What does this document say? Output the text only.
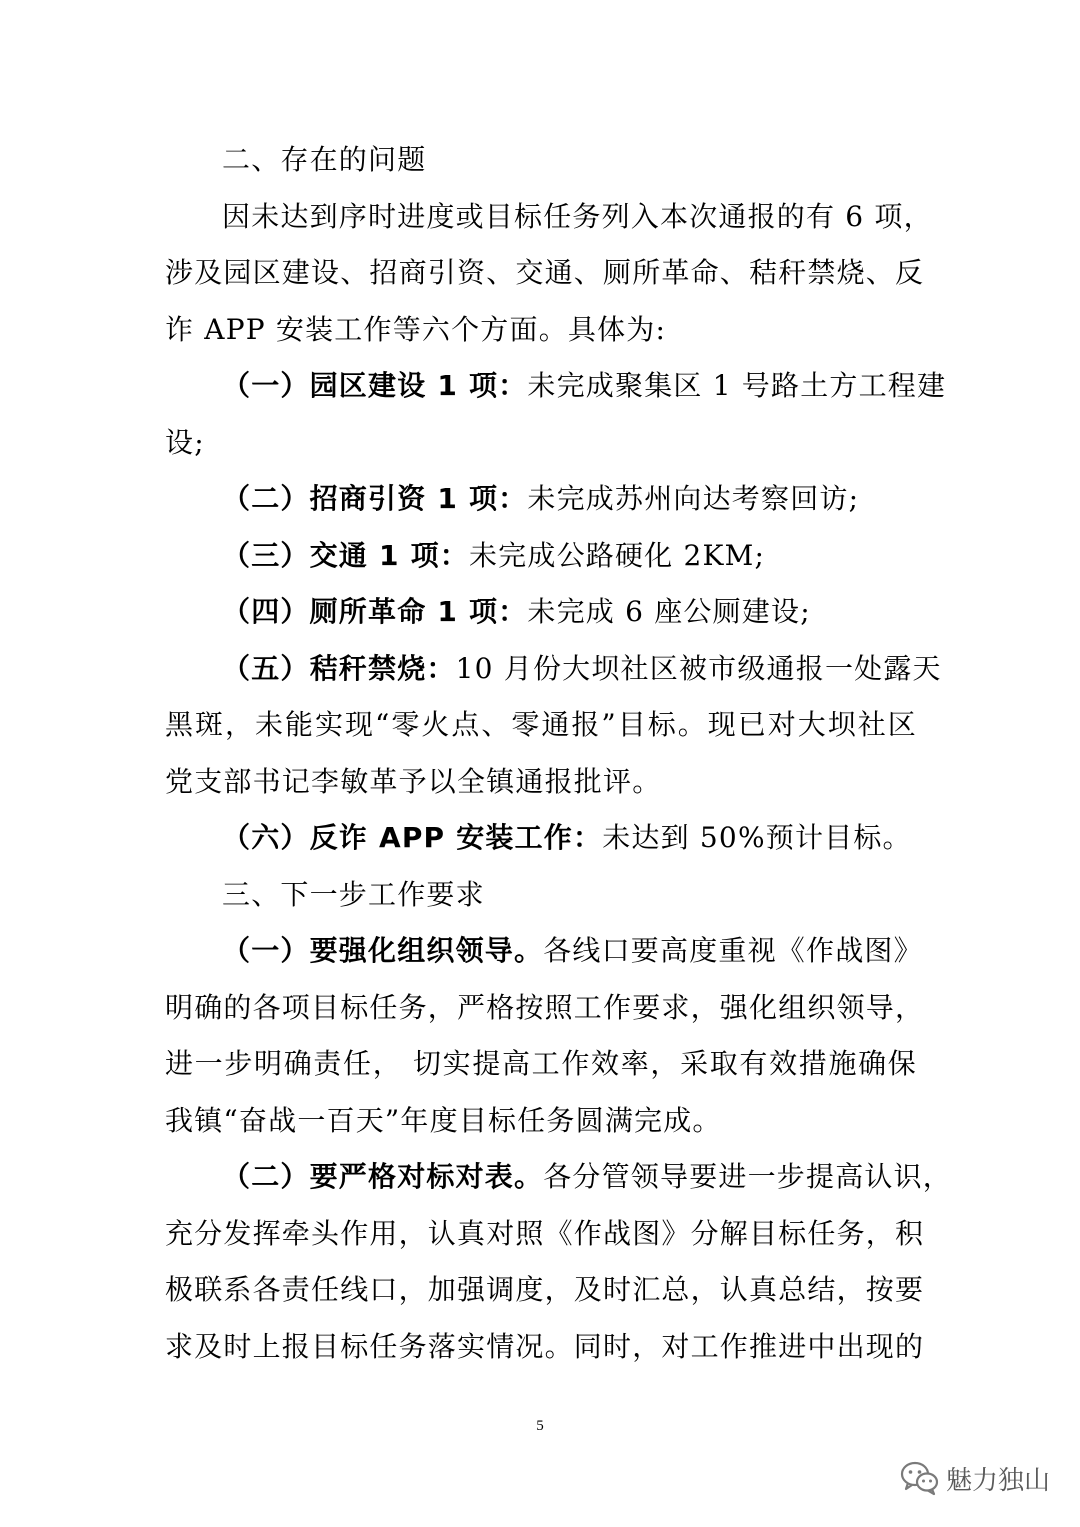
二、存在的问题
因未达到序时进度或目标任务列入本次通报的有 6 项，
涉及园区建设、招商引资、交通、厕所革命、秸秆禁烧、反
诈 APP 安装工作等六个方面。具体为:
（一）园区建设 1 项：未完成聚集区 1 号路土方工程建
设;
（二）招商引资 1 项：未完成苏州向达考察回访;
（三）交通 1 项：未完成公路硬化 2KM;
（四）厕所革命 1 项：未完成 6 座公厕建设;
（五）秸秆禁烧：10 月份大坝社区被市级通报一处露天
黑斑，未能实现“零火点、零通报”目标。现已对大坝社区
党支部书记李敏革予以全镇通报批评。
（六）反诈 APP 安装工作：未达到 50%预计目标。
三、下一步工作要求
（一）要强化组织领导。各线口要高度重视《作战图》
明确的各项目标任务，严格按照工作要求，强化组织领导，
进一步明确责任， 切实提高工作效率，采取有效措施确保
我镇“奋战一百天”年度目标任务圆满完成。
（二）要严格对标对表。各分管领导要进一步提高认识，
充分发挥牵头作用，认真对照《作战图》分解目标任务，积
极联系各责任线口，加强调度，及时汇总，认真总结，按要
求及时上报目标任务落实情况。同时，对工作推进中出现的
5
魅力独山
